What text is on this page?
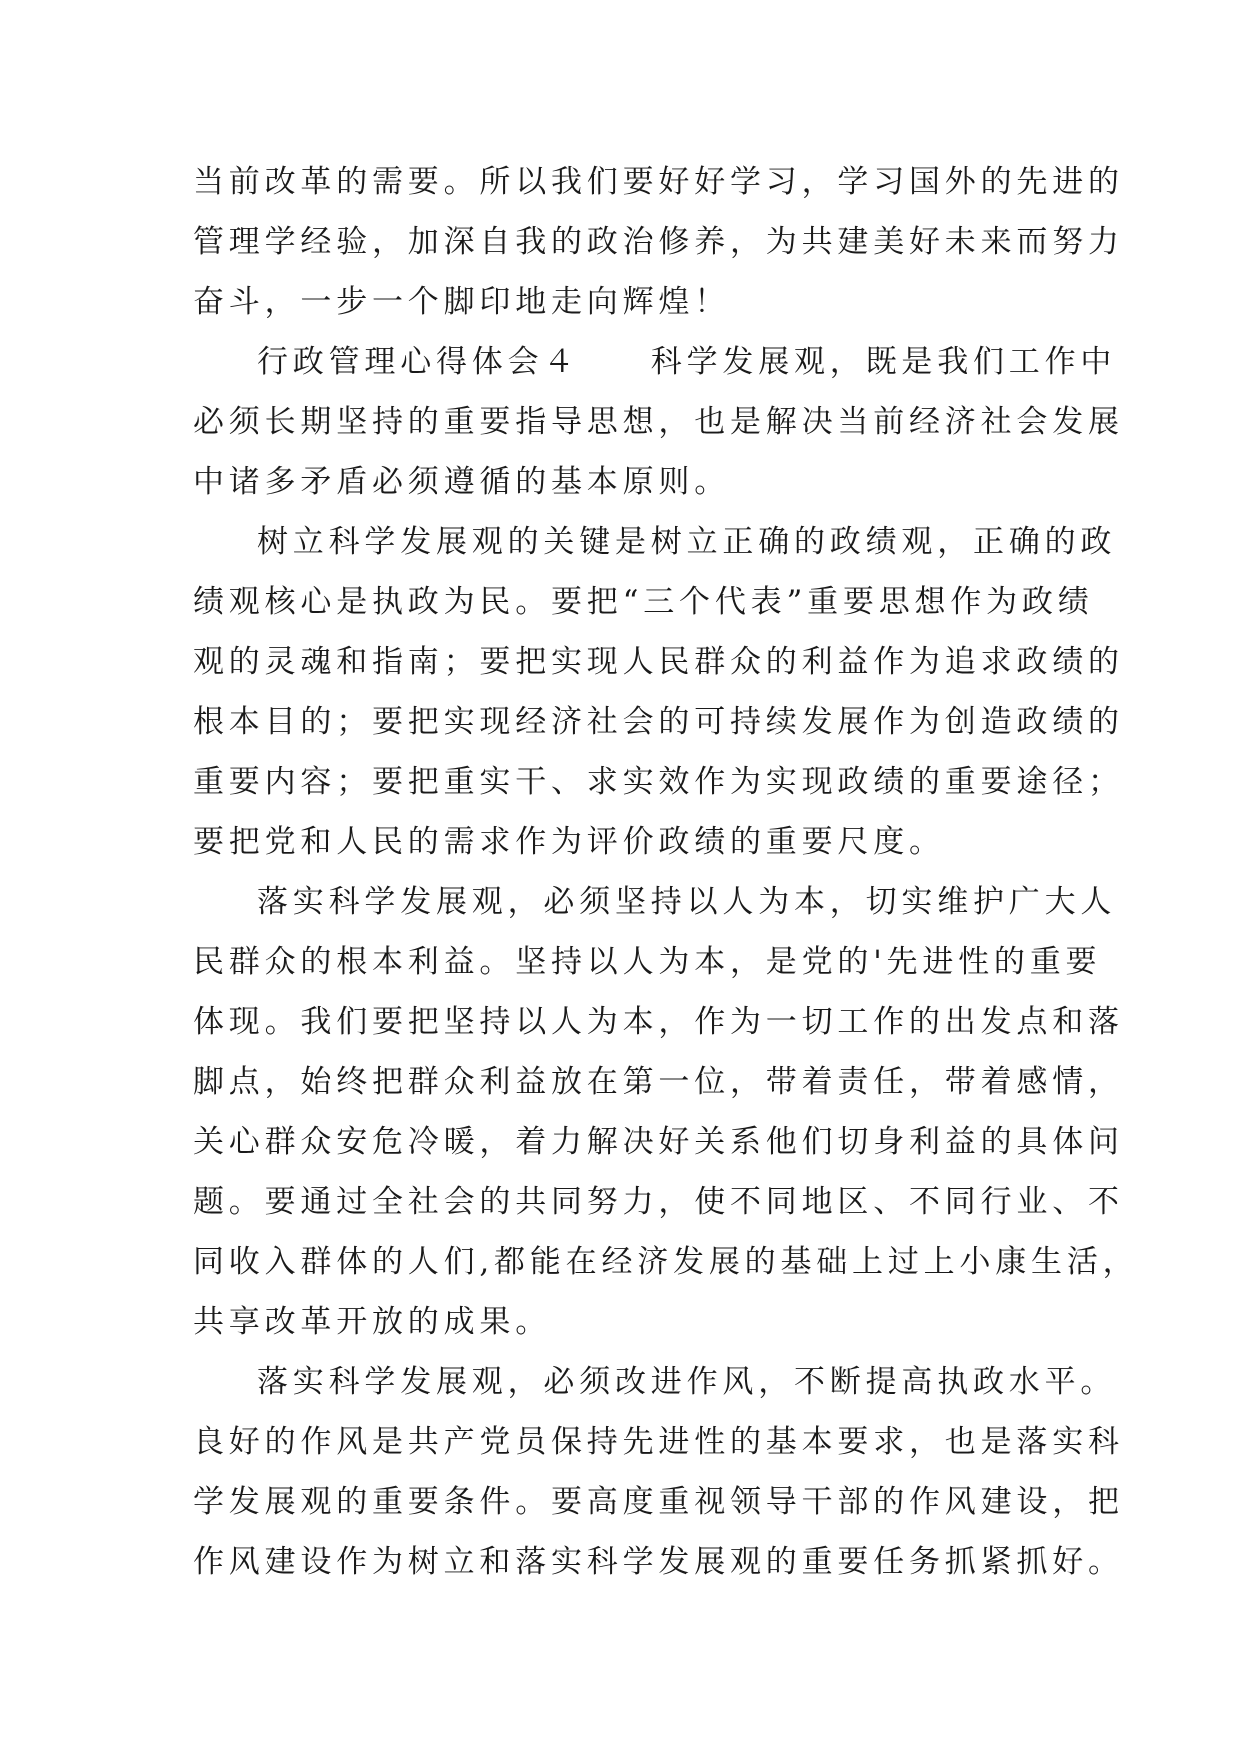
当前改革的需要。所以我们要好好学习，学习国外的先进的
管理学经验，加深自我的政治修养，为共建美好未来而努力
奋斗，一步一个脚印地走向辉煌！
行政管理心得体会４　　科学发展观，既是我们工作中
必须长期坚持的重要指导思想，也是解决当前经济社会发展
中诸多矛盾必须遵循的基本原则。
树立科学发展观的关键是树立正确的政绩观，正确的政
绩观核心是执政为民。要把“三个代表”重要思想作为政绩
观的灵魂和指南；要把实现人民群众的利益作为追求政绩的
根本目的；要把实现经济社会的可持续发展作为创造政绩的
重要内容；要把重实干、求实效作为实现政绩的重要途径；
要把党和人民的需求作为评价政绩的重要尺度。
落实科学发展观，必须坚持以人为本，切实维护广大人
民群众的根本利益。坚持以人为本，是党的'先进性的重要
体现。我们要把坚持以人为本，作为一切工作的出发点和落
脚点，始终把群众利益放在第一位，带着责任，带着感情，
关心群众安危冷暖，着力解决好关系他们切身利益的具体问
题。要通过全社会的共同努力，使不同地区、不同行业、不
同收入群体的人们,都能在经济发展的基础上过上小康生活，
共享改革开放的成果。
落实科学发展观，必须改进作风，不断提高执政水平。
良好的作风是共产党员保持先进性的基本要求，也是落实科
学发展观的重要条件。要高度重视领导干部的作风建设，把
作风建设作为树立和落实科学发展观的重要任务抓紧抓好。
